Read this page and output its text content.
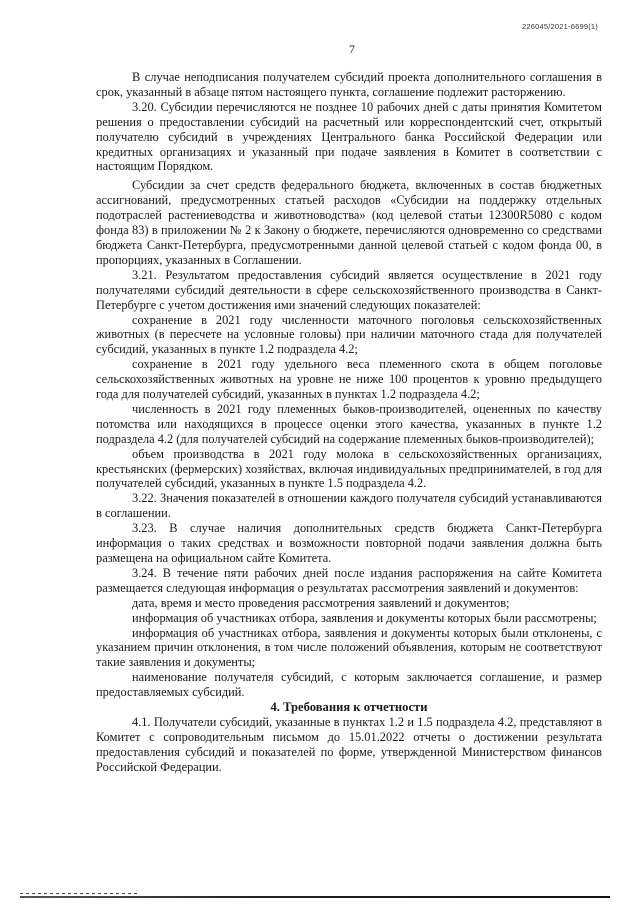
226045/2021-6699(1)
7

В случае неподписания получателем субсидий проекта дополнительного соглашения в срок, указанный в абзаце пятом настоящего пункта, соглашение подлежит расторжению.

3.20. Субсидии перечисляются не позднее 10 рабочих дней с даты принятия Комитетом решения о предоставлении субсидий на расчетный или корреспондентский счет, открытый получателю субсидий в учреждениях Центрального банка Российской Федерации или кредитных организациях и указанный при подаче заявления в Комитет в соответствии с настоящим Порядком.

Субсидии за счет средств федерального бюджета, включенных в состав бюджетных ассигнований, предусмотренных статьей расходов «Субсидии на поддержку отдельных подотраслей растениеводства и животноводства» (код целевой статьи 12300R5080 с кодом фонда 83) в приложении № 2 к Закону о бюджете, перечисляются одновременно со средствами бюджета Санкт-Петербурга, предусмотренными данной целевой статьей с кодом фонда 00, в пропорциях, указанных в Соглашении.

3.21. Результатом предоставления субсидий является осуществление в 2021 году получателями субсидий деятельности в сфере сельскохозяйственного производства в Санкт-Петербурге с учетом достижения ими значений следующих показателей:

сохранение в 2021 году численности маточного поголовья сельскохозяйственных животных (в пересчете на условные головы) при наличии маточного стада для получателей субсидий, указанных в пункте 1.2 подраздела 4.2;

сохранение в 2021 году удельного веса племенного скота в общем поголовье сельскохозяйственных животных на уровне не ниже 100 процентов к уровню предыдущего года для получателей субсидий, указанных в пунктах 1.2 подраздела 4.2;

численность в 2021 году племенных быков-производителей, оцененных по качеству потомства или находящихся в процессе оценки этого качества, указанных в пункте 1.2 подраздела 4.2 (для получателей субсидий на содержание племенных быков-производителей);

объем производства в 2021 году молока в сельскохозяйственных организациях, крестьянских (фермерских) хозяйствах, включая индивидуальных предпринимателей, в год для получателей субсидий, указанных в пункте 1.5 подраздела 4.2.

3.22. Значения показателей в отношении каждого получателя субсидий устанавливаются в соглашении.

3.23. В случае наличия дополнительных средств бюджета Санкт-Петербурга информация о таких средствах и возможности повторной подачи заявления должна быть размещена на официальном сайте Комитета.

3.24. В течение пяти рабочих дней после издания распоряжения на сайте Комитета размещается следующая информация о результатах рассмотрения заявлений и документов:

дата, время и место проведения рассмотрения заявлений и документов;

информация об участниках отбора, заявления и документы которых были рассмотрены;

информация об участниках отбора, заявления и документы которых были отклонены, с указанием причин отклонения, в том числе положений объявления, которым не соответствуют такие заявления и документы;

наименование получателя субсидий, с которым заключается соглашение, и размер предоставляемых субсидий.

4. Требования к отчетности

4.1. Получатели субсидий, указанные в пунктах 1.2 и 1.5 подраздела 4.2, представляют в Комитет с сопроводительным письмом до 15.01.2022 отчеты о достижении результата предоставления субсидий и показателей по форме, утвержденной Министерством финансов Российской Федерации.
